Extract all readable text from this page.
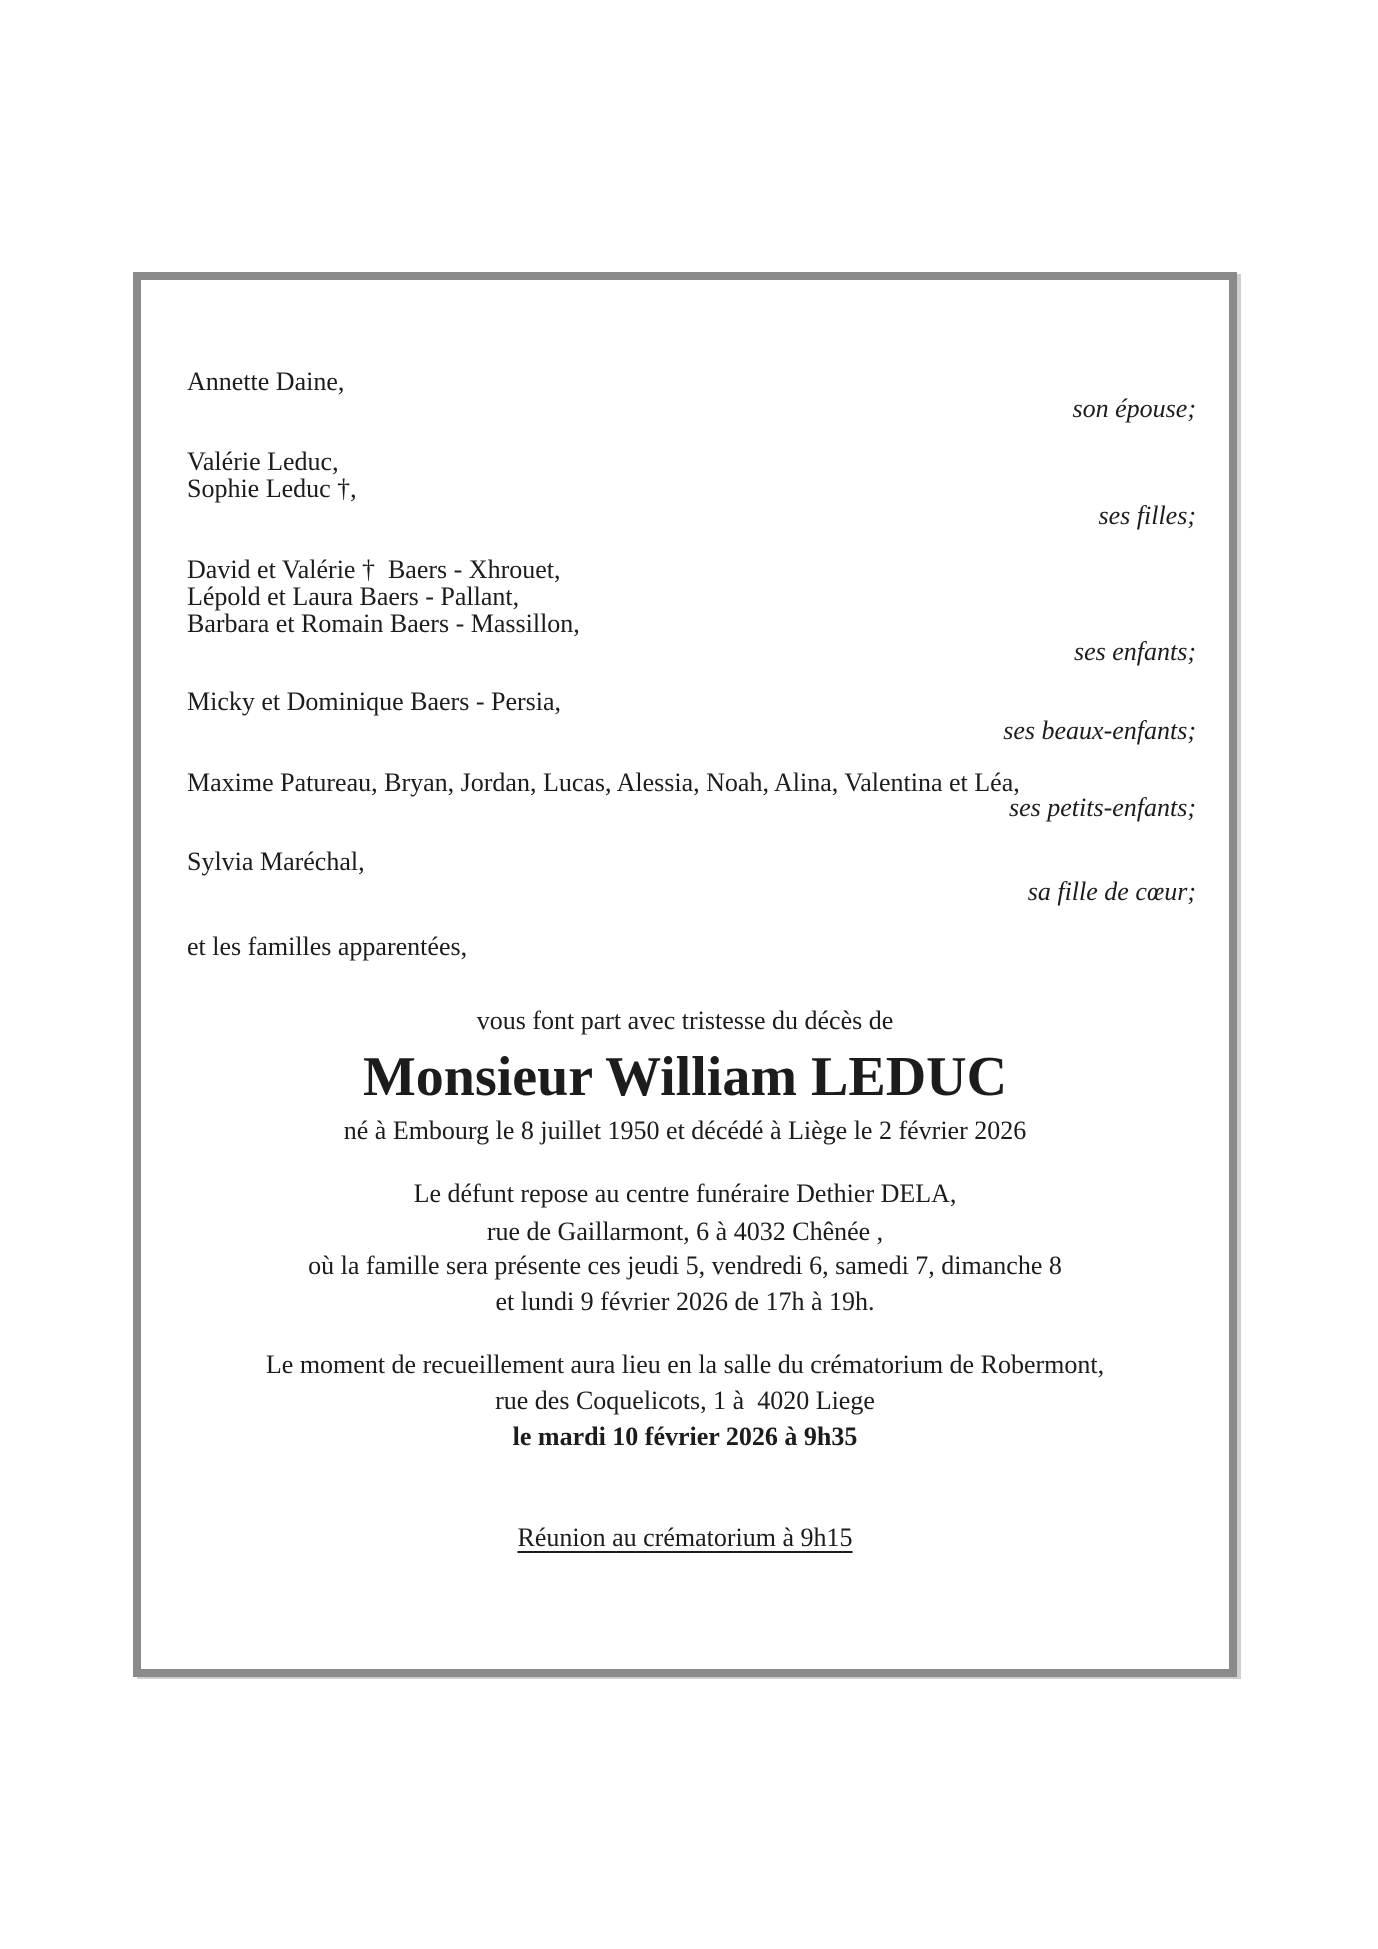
Annette Daine,
son épouse;
Valérie Leduc,
Sophie Leduc †,
ses filles;
David et Valérie †  Baers - Xhrouet,
Lépold et Laura Baers - Pallant,
Barbara et Romain Baers - Massillon,
ses enfants;
Micky et Dominique Baers - Persia,
ses beaux-enfants;
Maxime Patureau, Bryan, Jordan, Lucas, Alessia, Noah, Alina, Valentina et Léa,
ses petits-enfants;
Sylvia Maréchal,
sa fille de cœur;
et les familles apparentées,
vous font part avec tristesse du décès de
Monsieur William LEDUC
né à Embourg le 8 juillet 1950 et décédé à Liège le 2 février 2026
Le défunt repose au centre funéraire Dethier DELA,
rue de Gaillarmont, 6 à 4032 Chênée ,
où la famille sera présente ces jeudi 5, vendredi 6, samedi 7, dimanche 8
et lundi 9 février 2026 de 17h à 19h.
Le moment de recueillement aura lieu en la salle du crématorium de Robermont,
rue des Coquelicots, 1 à  4020 Liege
le mardi 10 février 2026 à 9h35
Réunion au crématorium à 9h15
